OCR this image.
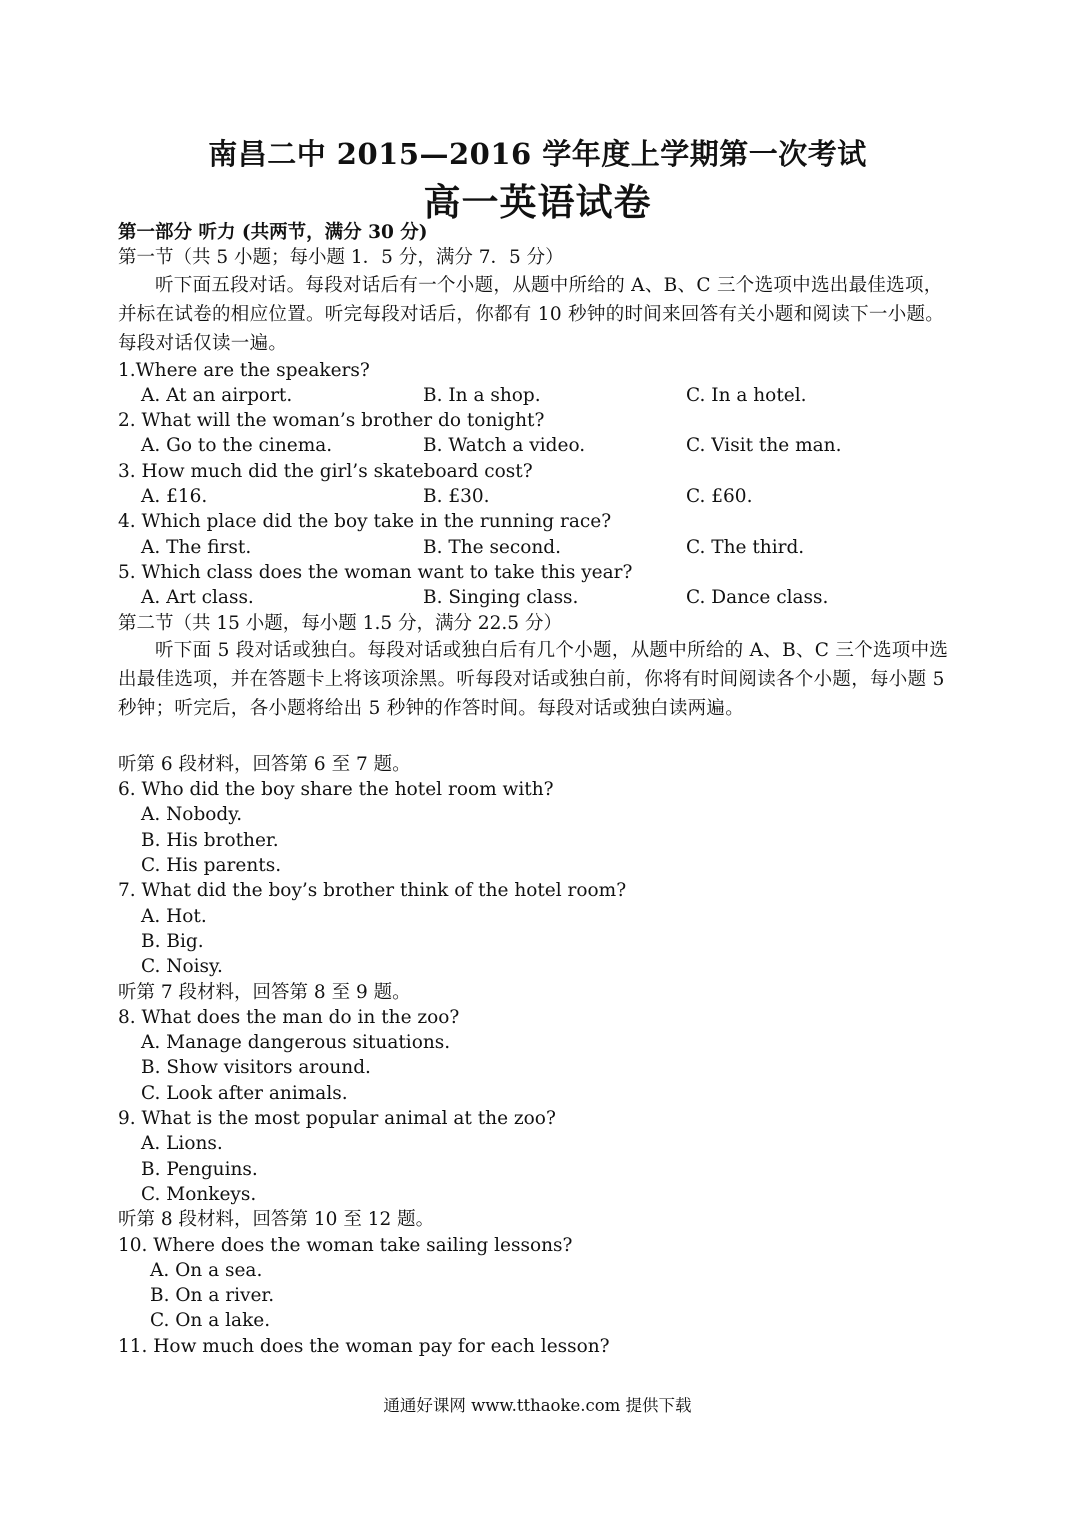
南昌二中 2015—2016 学年度上学期第一次考试
高一英语试卷
第一部分 听力 (共两节，满分 30 分)
第一节（共 5 小题；每小题 1．5 分，满分 7．5 分）
听下面五段对话。每段对话后有一个小题，从题中所给的 A、B、C 三个选项中选出最佳选项，并标在试卷的相应位置。听完每段对话后，你都有 10 秒钟的时间来回答有关小题和阅读下一小题。每段对话仅读一遍。
1.Where are the speakers?
A. At an airport.	B. In a shop.	C. In a hotel.
2. What will the woman’s brother do tonight?
A. Go to the cinema.	B. Watch a video.	C. Visit the man.
3. How much did the girl’s skateboard cost?
A. £16.	B. £30.	C. £60.
4. Which place did the boy take in the running race?
A. The first.	B. The second.	C. The third.
5. Which class does the woman want to take this year?
A. Art class.	B. Singing class.	C. Dance class.
第二节（共 15 小题，每小题 1.5 分，满分 22.5 分）
听下面 5 段对话或独白。每段对话或独白后有几个小题，从题中所给的 A、B、C 三个选项中选出最佳选项，并在答题卡上将该项涂黑。听每段对话或独白前，你将有时间阅读各个小题，每小题 5 秒钟；听完后，各小题将给出 5 秒钟的作答时间。每段对话或独白读两遍。
听第 6 段材料，回答第 6 至 7 题。
6. Who did the boy share the hotel room with?
A. Nobody.
B. His brother.
C. His parents.
7. What did the boy’s brother think of the hotel room?
A. Hot.
B. Big.
C. Noisy.
听第 7 段材料，回答第 8 至 9 题。
8. What does the man do in the zoo?
A. Manage dangerous situations.
B. Show visitors around.
C. Look after animals.
9. What is the most popular animal at the zoo?
A. Lions.
B. Penguins.
C. Monkeys.
听第 8 段材料，回答第 10 至 12 题。
10. Where does the woman take sailing lessons?
A. On a sea.
B. On a river.
C. On a lake.
11. How much does the woman pay for each lesson?
通通好课网 www.tthaoke.com 提供下载
